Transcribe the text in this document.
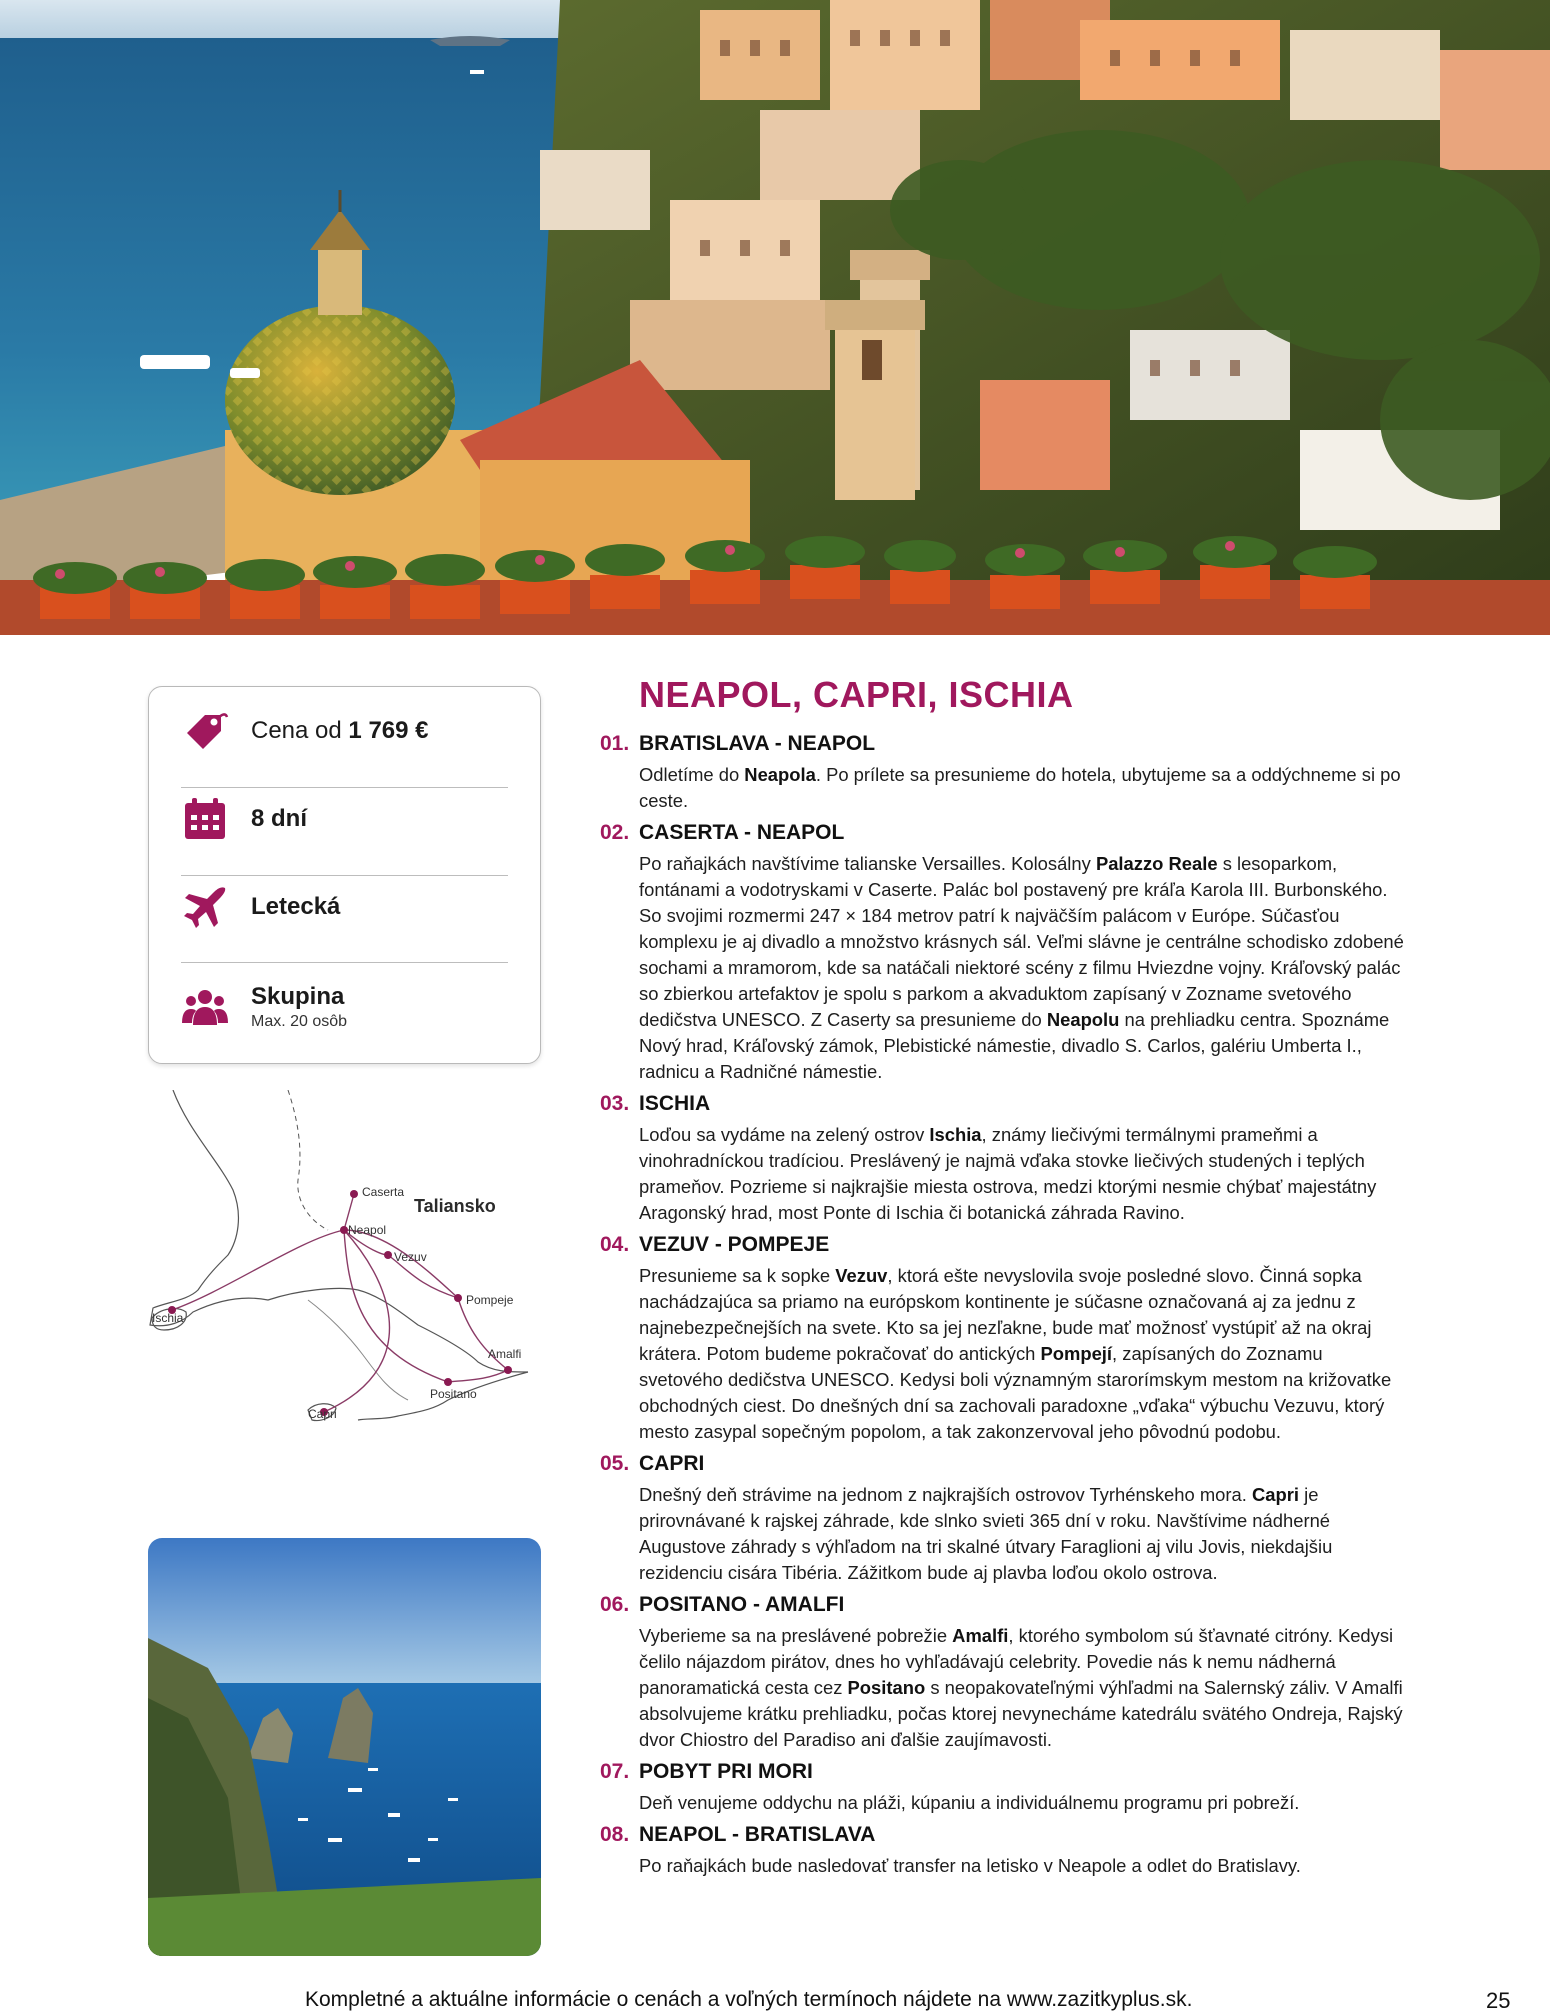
Cena od 1 769 €
8 dní
Letecká
Skupina
Max. 20 osôb
Taliansko
Caserta
Neapol
Vezuv
Pompeje
Amalfi
Positano
Capri
Ischia
NEAPOL, CAPRI, ISCHIA
01. BRATISLAVA - NEAPOL
Odletíme do Neapola. Po prílete sa presunieme do hotela, ubytujeme sa a oddýchneme si po ceste.
02. CASERTA - NEAPOL
Po raňajkách navštívime talianske Versailles. Kolosálny Palazzo Reale s lesoparkom, fontánami a vodotryskami v Caserte. Palác bol postavený pre kráľa Karola III. Burbonského. So svojimi rozmermi 247 × 184 metrov patrí k najväčším palácom v Európe. Súčasťou komplexu je aj divadlo a množstvo krásnych sál. Veľmi slávne je centrálne schodisko zdobené sochami a mramorom, kde sa natáčali niektoré scény z filmu Hviezdne vojny. Kráľovský palác so zbierkou artefaktov je spolu s parkom a akvaduktom zapísaný v Zozname svetového dedičstva UNESCO. Z Caserty sa presunieme do Neapolu na prehliadku centra. Spoznáme Nový hrad, Kráľovský zámok, Plebistické námestie, divadlo S. Carlos, galériu Umberta I., radnicu a Radničné námestie.
03. ISCHIA
Loďou sa vydáme na zelený ostrov Ischia, známy liečivými termálnymi prameňmi a vinohradníckou tradíciou. Preslávený je najmä vďaka stovke liečivých studených i teplých prameňov. Pozrieme si najkrajšie miesta ostrova, medzi ktorými nesmie chýbať majestátny Aragonský hrad, most Ponte di Ischia či botanická záhrada Ravino.
04. VEZUV - POMPEJE
Presunieme sa k sopke Vezuv, ktorá ešte nevyslovila svoje posledné slovo. Činná sopka nachádzajúca sa priamo na európskom kontinente je súčasne označovaná aj za jednu z najnebezpečnejších na svete. Kto sa jej nezľakne, bude mať možnosť vystúpiť až na okraj krátera. Potom budeme pokračovať do antických Pompejí, zapísaných do Zoznamu svetového dedičstva UNESCO. Kedysi boli významným starorímskym mestom na križovatke obchodných ciest. Do dnešných dní sa zachovali paradoxne „vďaka“ výbuchu Vezuvu, ktorý mesto zasypal sopečným popolom, a tak zakonzervoval jeho pôvodnú podobu.
05. CAPRI
Dnešný deň strávime na jednom z najkrajších ostrovov Tyrhénskeho mora. Capri je prirovnávané k rajskej záhrade, kde slnko svieti 365 dní v roku. Navštívime nádherné Augustove záhrady s výhľadom na tri skalné útvary Faraglioni aj vilu Jovis, niekdajšiu rezidenciu cisára Tibéria. Zážitkom bude aj plavba loďou okolo ostrova.
06. POSITANO - AMALFI
Vyberieme sa na preslávené pobrežie Amalfi, ktorého symbolom sú šťavnaté citróny. Kedysi čelilo nájazdom pirátov, dnes ho vyhľadávajú celebrity. Povedie nás k nemu nádherná panoramatická cesta cez Positano s neopakovateľnými výhľadmi na Salernský záliv. V Amalfi absolvujeme krátku prehliadku, počas ktorej nevynecháme katedrálu svätého Ondreja, Rajský dvor Chiostro del Paradiso ani ďalšie zaujímavosti.
07. POBYT PRI MORI
Deň venujeme oddychu na pláži, kúpaniu a individuálnemu programu pri pobreží.
08. NEAPOL - BRATISLAVA
Po raňajkách bude nasledovať transfer na letisko v Neapole a odlet do Bratislavy.
Kompletné a aktuálne informácie o cenách a voľných termínoch nájdete na www.zazitkyplus.sk.	25
